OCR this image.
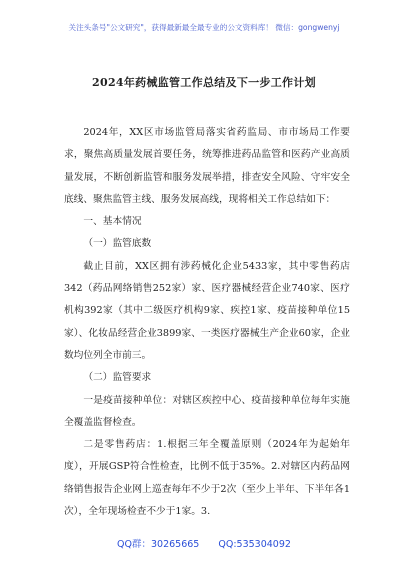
关注头条号"公文研究"，获得最新最全最专业的公文资料库！ 微信：gongwenyj
2024年药械监管工作总结及下一步工作计划

2024年，XX区市场监管局落实省药监局、市市场局工作要求，聚焦高质量发展首要任务，统筹推进药品监管和医药产业高质量发展，不断创新监管和服务发展举措，排查安全风险、守牢安全底线、聚焦监管主线、服务发展高线，现将相关工作总结如下：

一、基本情况

（一）监管底数

截止目前，XX区拥有涉药械化企业5433家，其中零售药店342（药品网络销售252家）家、医疗器械经营企业740家、医疗机构392家（其中二级医疗机构9家、疾控1家、疫苗接种单位15家）、化妆品经营企业3899家、一类医疗器械生产企业60家，企业数均位列全市前三。

（二）监管要求

一是疫苗接种单位：对辖区疾控中心、疫苗接种单位每年实施全覆盖监督检查。

二是零售药店：1.根据三年全覆盖原则（2024年为起始年度），开展GSP符合性检查，比例不低于35%。2.对辖区内药品网络销售报告企业网上巡查每年不少于2次（至少上半年、下半年各1次），全年现场检查不少于1家。3.

QQ群：30265665 QQ:535304092
